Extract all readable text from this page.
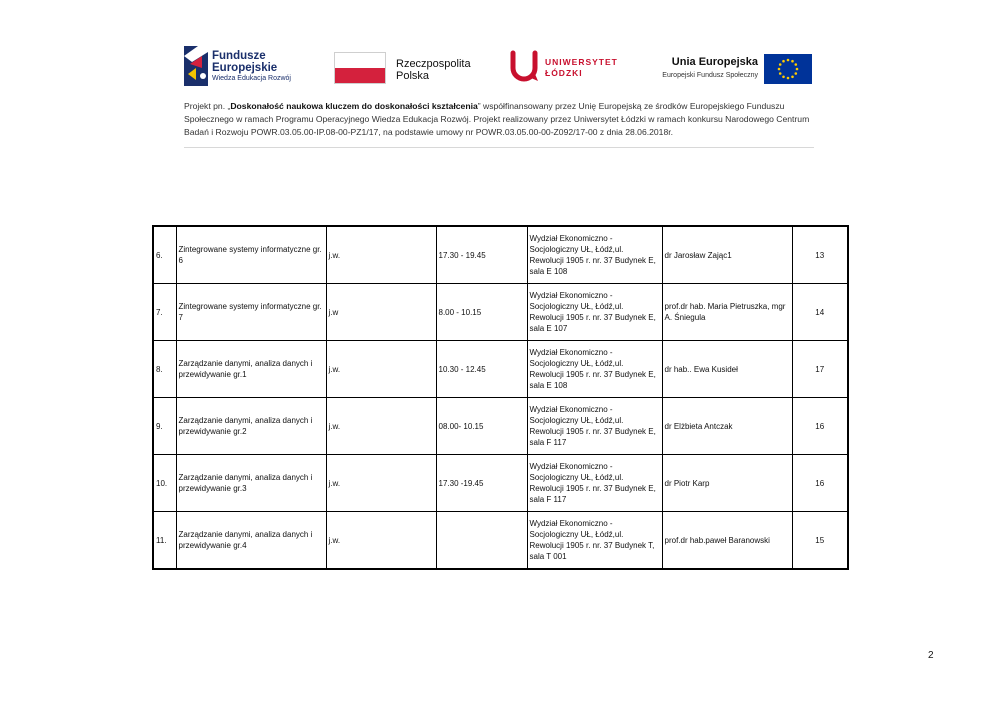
Fundusze
Europejskie
Wiedza Edukacja Rozwój
Rzeczpospolita
Polska
UNIWERSYTET
ŁÓDZKI
Unia Europejska
Europejski Fundusz Społeczny
Projekt pn. „Doskonałość naukowa kluczem do doskonałości kształcenia” współfinansowany przez Unię Europejską ze środków Europejskiego Funduszu Społecznego w ramach Programu Operacyjnego Wiedza Edukacja Rozwój. Projekt realizowany przez Uniwersytet Łódzki w ramach konkursu Narodowego Centrum Badań i Rozwoju POWR.03.05.00-IP.08-00-PZ1/17, na podstawie umowy nr POWR.03.05.00-00-Z092/17-00 z dnia 28.06.2018r.
6.	Zintegrowane systemy informatyczne gr. 6	j.w.	17.30 - 19.45	Wydział Ekonomiczno - Socjologiczny UŁ, Łódź,ul. Rewolucji 1905 r. nr. 37 Budynek E, sala E 108	dr Jarosław Zając1	13
7.	Zintegrowane systemy informatyczne gr. 7	j.w	8.00 - 10.15	Wydział Ekonomiczno - Socjologiczny UŁ, Łódź,ul. Rewolucji 1905 r. nr. 37 Budynek E, sala E 107	prof.dr hab. Maria Pietruszka, mgr A. Śniegula	14
8.	Zarządzanie danymi, analiza danych i przewidywanie gr.1	j.w.	10.30 - 12.45	Wydział Ekonomiczno - Socjologiczny UŁ, Łódź,ul. Rewolucji 1905 r. nr. 37 Budynek E, sala E 108	dr hab.. Ewa Kusideł	17
9.	Zarządzanie danymi, analiza danych i przewidywanie gr.2	j.w.	08.00- 10.15	Wydział Ekonomiczno - Socjologiczny UŁ, Łódź,ul. Rewolucji 1905 r. nr. 37 Budynek E, sala F 117	dr Elżbieta Antczak	16
10.	Zarządzanie danymi, analiza danych i przewidywanie gr.3	j.w.	17.30 -19.45	Wydział Ekonomiczno - Socjologiczny UŁ, Łódź,ul. Rewolucji 1905 r. nr. 37 Budynek E, sala F 117	dr Piotr Karp	16
11.	Zarządzanie danymi, analiza danych i przewidywanie gr.4	j.w.		Wydział Ekonomiczno - Socjologiczny UŁ, Łódź,ul. Rewolucji 1905 r. nr. 37 Budynek T, sala T 001	prof.dr hab.paweł Baranowski	15
2
